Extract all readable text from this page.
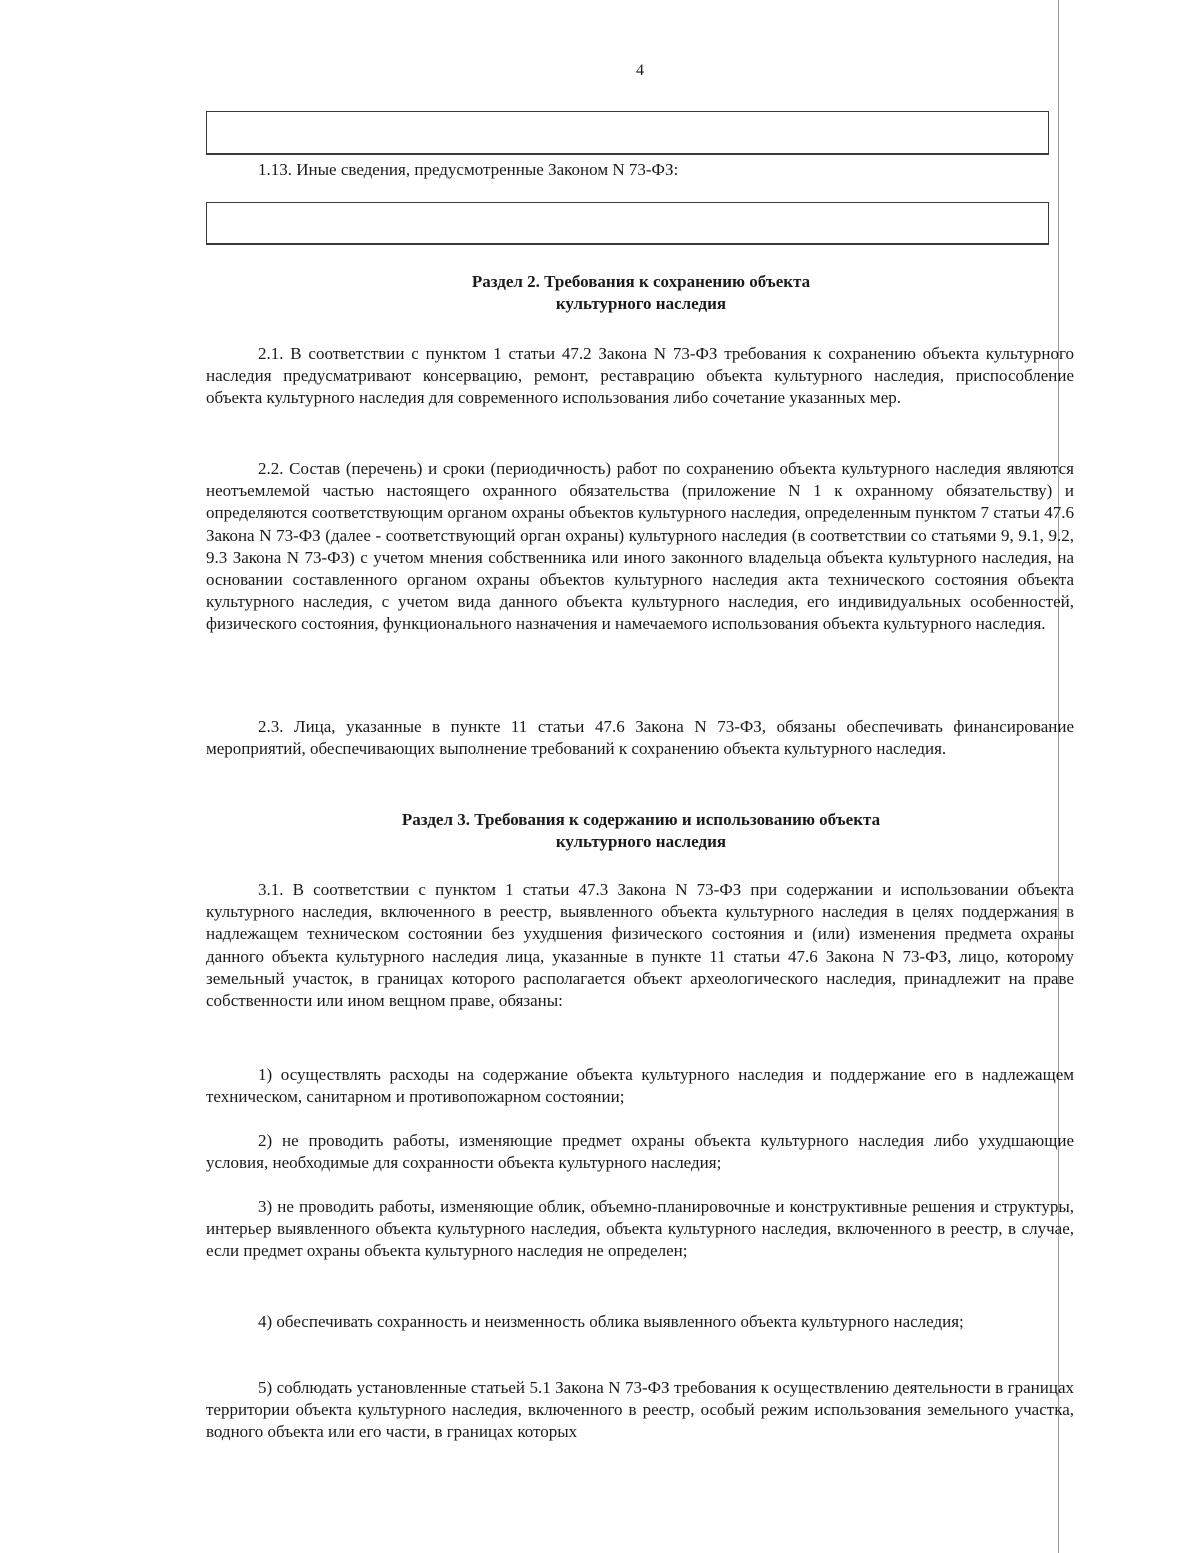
4
1.13. Иные сведения, предусмотренные Законом N 73-ФЗ:
Раздел 2. Требования к сохранению объекта
культурного наследия

2.1. В соответствии с пунктом 1 статьи 47.2 Закона N 73-ФЗ требования к сохранению объекта культурного наследия предусматривают консервацию, ремонт, реставрацию объекта культурного наследия, приспособление объекта культурного наследия для современного использования либо сочетание указанных мер.

2.2. Состав (перечень) и сроки (периодичность) работ по сохранению объекта культурного наследия являются неотъемлемой частью настоящего охранного обязательства (приложение N 1 к охранному обязательству) и определяются соответствующим органом охраны объектов культурного наследия, определенным пунктом 7 статьи 47.6 Закона N 73-ФЗ (далее - соответствующий орган охраны) культурного наследия (в соответствии со статьями 9, 9.1, 9.2, 9.3 Закона N 73-ФЗ) с учетом мнения собственника или иного законного владельца объекта культурного наследия, на основании составленного органом охраны объектов культурного наследия акта технического состояния объекта культурного наследия, с учетом вида данного объекта культурного наследия, его индивидуальных особенностей, физического состояния, функционального назначения и намечаемого использования объекта культурного наследия.

2.3. Лица, указанные в пункте 11 статьи 47.6 Закона N 73-ФЗ, обязаны обеспечивать финансирование мероприятий, обеспечивающих выполнение требований к сохранению объекта культурного наследия.

Раздел 3. Требования к содержанию и использованию объекта
культурного наследия

3.1. В соответствии с пунктом 1 статьи 47.3 Закона N 73-ФЗ при содержании и использовании объекта культурного наследия, включенного в реестр, выявленного объекта культурного наследия в целях поддержания в надлежащем техническом состоянии без ухудшения физического состояния и (или) изменения предмета охраны данного объекта культурного наследия лица, указанные в пункте 11 статьи 47.6 Закона N 73-ФЗ, лицо, которому земельный участок, в границах которого располагается объект археологического наследия, принадлежит на праве собственности или ином вещном праве, обязаны:

1) осуществлять расходы на содержание объекта культурного наследия и поддержание его в надлежащем техническом, санитарном и противопожарном состоянии;

2) не проводить работы, изменяющие предмет охраны объекта культурного наследия либо ухудшающие условия, необходимые для сохранности объекта культурного наследия;

3) не проводить работы, изменяющие облик, объемно-планировочные и конструктивные решения и структуры, интерьер выявленного объекта культурного наследия, объекта культурного наследия, включенного в реестр, в случае, если предмет охраны объекта культурного наследия не определен;

4) обеспечивать сохранность и неизменность облика выявленного объекта культурного наследия;

5) соблюдать установленные статьей 5.1 Закона N 73-ФЗ требования к осуществлению деятельности в границах территории объекта культурного наследия, включенного в реестр, особый режим использования земельного участка, водного объекта или его части, в границах которых
